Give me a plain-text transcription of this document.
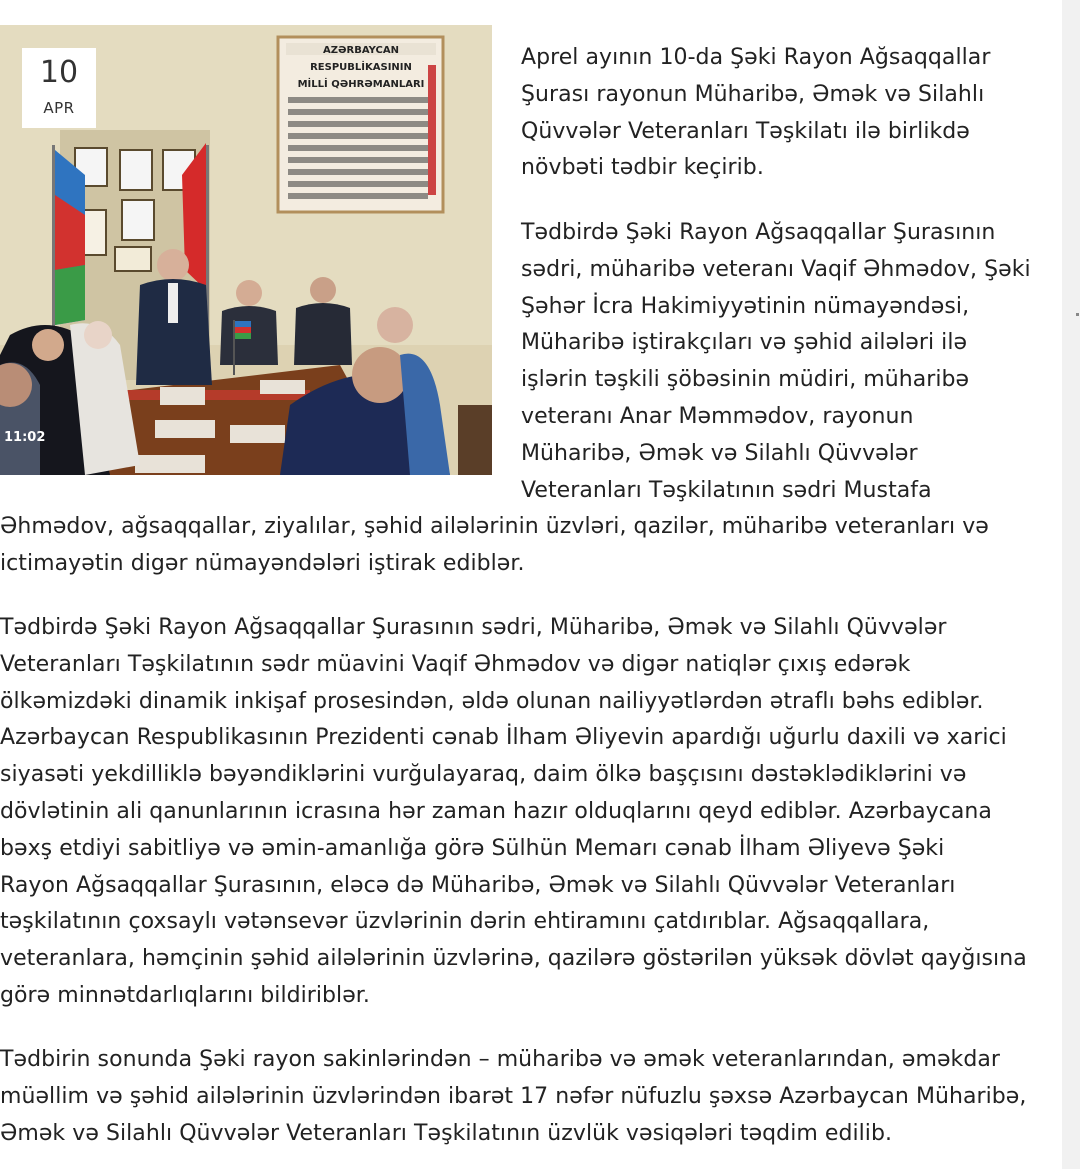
AZƏRBAYCAN
RESPUBLİKASININ
MİLLİ QƏHRƏMANLARI
10
APR
11:02

Aprel ayının 10-da Şəki Rayon Ağsaqqallar
Şurası rayonun Müharibə, Əmək və Silahlı
Qüvvələr Veteranları Təşkilatı ilə birlikdə
növbəti tədbir keçirib.

Tədbirdə Şəki Rayon Ağsaqqallar Şurasının
sədri, müharibə veteranı Vaqif Əhmədov, Şəki
Şəhər İcra Hakimiyyətinin nümayəndəsi,
Müharibə iştirakçıları və şəhid ailələri ilə
işlərin təşkili şöbəsinin müdiri, müharibə
veteranı Anar Məmmədov, rayonun
Müharibə, Əmək və Silahlı Qüvvələr
Veteranları Təşkilatının sədri Mustafa
Əhmədov, ağsaqqallar, ziyalılar, şəhid ailələrinin üzvləri, qazilər, müharibə veteranları və
ictimayətin digər nümayəndələri iştirak ediblər.

Tədbirdə Şəki Rayon Ağsaqqallar Şurasının sədri, Müharibə, Əmək və Silahlı Qüvvələr
Veteranları Təşkilatının sədr müavini Vaqif Əhmədov və digər natiqlər çıxış edərək
ölkəmizdəki dinamik inkişaf prosesindən, əldə olunan nailiyyətlərdən ətraflı bəhs ediblər.
Azərbaycan Respublikasının Prezidenti cənab İlham Əliyevin apardığı uğurlu daxili və xarici
siyasəti yekdilliklə bəyəndiklərini vurğulayaraq, daim ölkə başçısını dəstəklədiklərini və
dövlətinin ali qanunlarının icrasına hər zaman hazır olduqlarını qeyd ediblər. Azərbaycana
bəxş etdiyi sabitliyə və əmin-amanlığa görə Sülhün Memarı cənab İlham Əliyevə Şəki
Rayon Ağsaqqallar Şurasının, eləcə də Müharibə, Əmək və Silahlı Qüvvələr Veteranları
təşkilatının çoxsaylı vətənsevər üzvlərinin dərin ehtiramını çatdırıblar. Ağsaqqallara,
veteranlara, həmçinin şəhid ailələrinin üzvlərinə, qazilərə göstərilən yüksək dövlət qayğısına
görə minnətdarlıqlarını bildiriblər.

Tədbirin sonunda Şəki rayon sakinlərindən – müharibə və əmək veteranlarından, əməkdar
müəllim və şəhid ailələrinin üzvlərindən ibarət 17 nəfər nüfuzlu şəxsə Azərbaycan Müharibə,
Əmək və Silahlı Qüvvələr Veteranları Təşkilatının üzvlük vəsiqələri təqdim edilib.
